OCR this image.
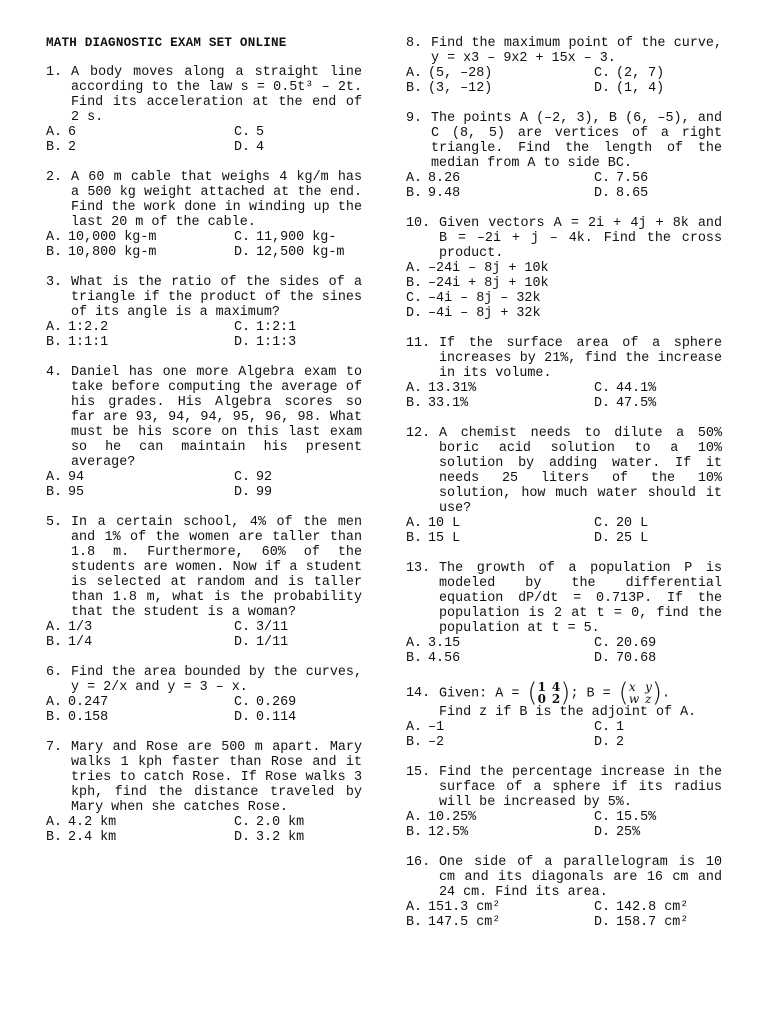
MATH DIAGNOSTIC EXAM SET ONLINE
1. A body moves along a straight line according to the law s = 0.5t³ – 2t. Find its acceleration at the end of 2 s.
A. 6	C. 5
B. 2	D. 4
2. A 60 m cable that weighs 4 kg/m has a 500 kg weight attached at the end. Find the work done in winding up the last 20 m of the cable.
A. 10,000 kg-m	C. 11,900 kg-
B. 10,800 kg-m	D. 12,500 kg-m
3. What is the ratio of the sides of a triangle if the product of the sines of its angle is a maximum?
A. 1:2.2	C. 1:2:1
B. 1:1:1	D. 1:1:3
4. Daniel has one more Algebra exam to take before computing the average of his grades. His Algebra scores so far are 93, 94, 94, 95, 96, 98. What must be his score on this last exam so he can maintain his present average?
A. 94	C. 92
B. 95	D. 99
5. In a certain school, 4% of the men and 1% of the women are taller than 1.8 m. Furthermore, 60% of the students are women. Now if a student is selected at random and is taller than 1.8 m, what is the probability that the student is a woman?
A. 1/3	C. 3/11
B. 1/4	D. 1/11
6. Find the area bounded by the curves, y = 2/x and y = 3 – x.
A. 0.247	C. 0.269
B. 0.158	D. 0.114
7. Mary and Rose are 500 m apart. Mary walks 1 kph faster than Rose and it tries to catch Rose. If Rose walks 3 kph, find the distance traveled by Mary when she catches Rose.
A. 4.2 km	C. 2.0 km
B. 2.4 km	D. 3.2 km
8. Find the maximum point of the curve, y = x3 – 9x2 + 15x – 3.
A. (5, –28)	C. (2, 7)
B. (3, –12)	D. (1, 4)
9. The points A (–2, 3), B (6, –5), and C (8, 5) are vertices of a right triangle. Find the length of the median from A to side BC.
A. 8.26	C. 7.56
B. 9.48	D. 8.65
10. Given vectors A = 2i + 4j + 8k and B = –2i + j – 4k. Find the cross product.
A. –24i – 8j + 10k
B. –24i + 8j + 10k
C. –4i – 8j – 32k
D. –4i – 8j + 32k
11. If the surface area of a sphere increases by 21%, find the increase in its volume.
A. 13.31%	C. 44.1%
B. 33.1%	D. 47.5%
12. A chemist needs to dilute a 50% boric acid solution to a 10% solution by adding water. If it needs 25 liters of the 10% solution, how much water should it use?
A. 10 L	C. 20 L
B. 15 L	D. 25 L
13. The growth of a population P is modeled by the differential equation dP/dt = 0.713P. If the population is 2 at t = 0, find the population at t = 5.
A. 3.15	C. 20.69
B. 4.56	D. 70.68
14. Given: A = ( 1 4
0 2 ) ; B = ( x y
w z ) .
Find z if B is the adjoint of A.
A. –1	C. 1
B. –2	D. 2
15. Find the percentage increase in the surface of a sphere if its radius will be increased by 5%.
A. 10.25%	C. 15.5%
B. 12.5%	D. 25%
16. One side of a parallelogram is 10 cm and its diagonals are 16 cm and 24 cm. Find its area.
A. 151.3 cm²	C. 142.8 cm²
B. 147.5 cm²	D. 158.7 cm²
